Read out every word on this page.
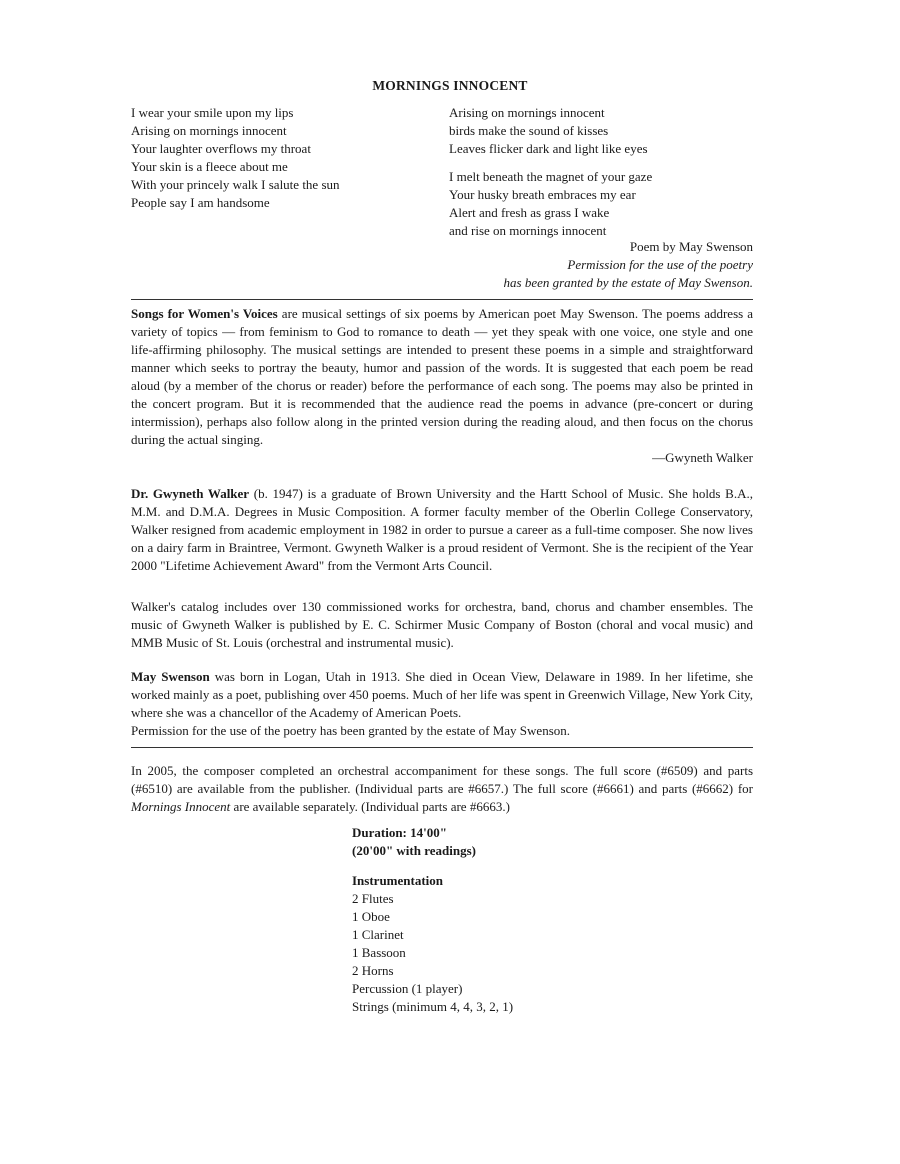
MORNINGS INNOCENT
I wear your smile upon my lips
Arising on mornings innocent
Your laughter overflows my throat
Your skin is a fleece about me
With your princely walk I salute the sun
People say I am handsome
Arising on mornings innocent
birds make the sound of kisses
Leaves flicker dark and light like eyes
I melt beneath the magnet of your gaze
Your husky breath embraces my ear
Alert and fresh as grass I wake
and rise on mornings innocent
Poem by May Swenson
Permission for the use of the poetry
has been granted by the estate of May Swenson.
Songs for Women's Voices are musical settings of six poems by American poet May Swenson. The poems address a variety of topics — from feminism to God to romance to death — yet they speak with one voice, one style and one life-affirming philosophy. The musical settings are intended to present these poems in a simple and straightforward manner which seeks to portray the beauty, humor and passion of the words. It is suggested that each poem be read aloud (by a member of the chorus or reader) before the performance of each song. The poems may also be printed in the concert program. But it is recommended that the audience read the poems in advance (pre-concert or during intermission), perhaps also follow along in the printed version during the reading aloud, and then focus on the chorus during the actual singing.
—Gwyneth Walker
Dr. Gwyneth Walker (b. 1947) is a graduate of Brown University and the Hartt School of Music. She holds B.A., M.M. and D.M.A. Degrees in Music Composition. A former faculty member of the Oberlin College Conservatory, Walker resigned from academic employment in 1982 in order to pursue a career as a full-time composer. She now lives on a dairy farm in Braintree, Vermont. Gwyneth Walker is a proud resident of Vermont. She is the recipient of the Year 2000 "Lifetime Achievement Award" from the Vermont Arts Council.
Walker's catalog includes over 130 commissioned works for orchestra, band, chorus and chamber ensembles. The music of Gwyneth Walker is published by E. C. Schirmer Music Company of Boston (choral and vocal music) and MMB Music of St. Louis (orchestral and instrumental music).
May Swenson was born in Logan, Utah in 1913. She died in Ocean View, Delaware in 1989. In her lifetime, she worked mainly as a poet, publishing over 450 poems. Much of her life was spent in Greenwich Village, New York City, where she was a chancellor of the Academy of American Poets.
Permission for the use of the poetry has been granted by the estate of May Swenson.
In 2005, the composer completed an orchestral accompaniment for these songs. The full score (#6509) and parts (#6510) are available from the publisher. (Individual parts are #6657.) The full score (#6661) and parts (#6662) for Mornings Innocent are available separately. (Individual parts are #6663.)
Duration: 14'00"
(20'00" with readings)
Instrumentation
2 Flutes
1 Oboe
1 Clarinet
1 Bassoon
2 Horns
Percussion (1 player)
Strings (minimum 4, 4, 3, 2, 1)
